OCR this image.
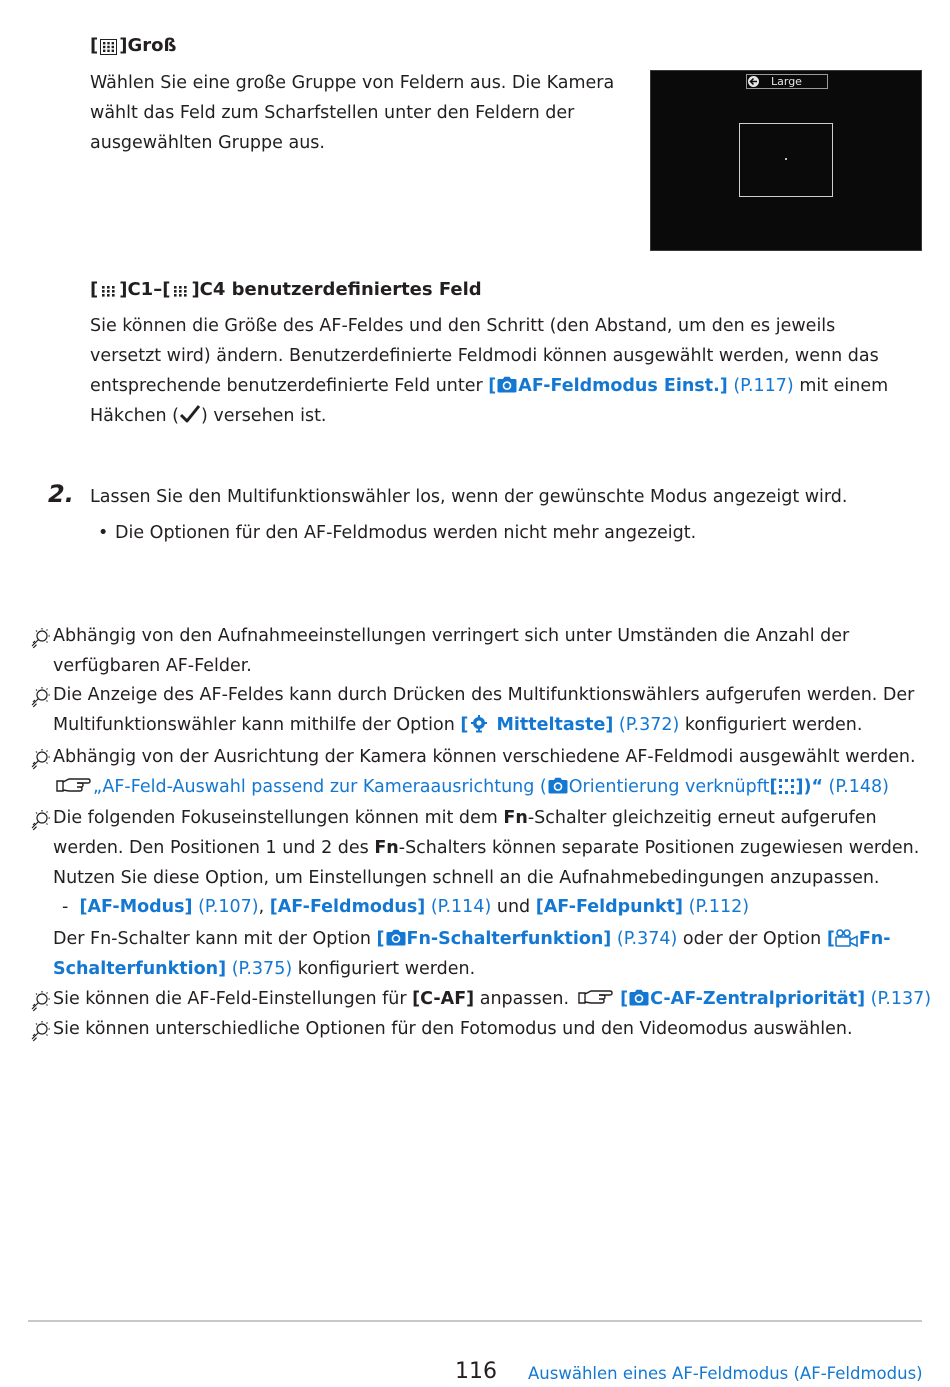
[ ] Groß
Wählen Sie eine große Gruppe von Feldern aus. Die Kamera wählt das Feld zum Scharfstellen unter den Feldern der ausgewählten Gruppe aus.
Large
[ ] C1– [ ] C4 benutzerdefiniertes Feld
Sie können die Größe des AF-Feldes und den Schritt (den Abstand, um den es jeweils versetzt wird) ändern. Benutzerdefinierte Feldmodi können ausgewählt werden, wenn das entsprechende benutzerdefinierte Feld unter [ AF-Feldmodus Einst.] (P.117) mit einem
Häkchen ( ) versehen ist.
2. Lassen Sie den Multifunktionswähler los, wenn der gewünschte Modus angezeigt wird.
• Die Optionen für den AF-Feldmodus werden nicht mehr angezeigt.
Abhängig von den Aufnahmeeinstellungen verringert sich unter Umständen die Anzahl der
verfügbaren AF-Felder.
Die Anzeige des AF-Feldes kann durch Drücken des Multifunktionswählers aufgerufen werden. Der
Multifunktionswähler kann mithilfe der Option [ Mitteltaste] (P.372) konfiguriert werden.
Abhängig von der Ausrichtung der Kamera können verschiedene AF-Feldmodi ausgewählt werden.
„AF-Feld-Auswahl passend zur Kameraausrichtung ( Orientierung verknüpft[ ])“ (P.148)
Die folgenden Fokuseinstellungen können mit dem Fn-Schalter gleichzeitig erneut aufgerufen
werden. Den Positionen 1 und 2 des Fn-Schalters können separate Positionen zugewiesen werden.
Nutzen Sie diese Option, um Einstellungen schnell an die Aufnahmebedingungen anzupassen.
- [AF-Modus] (P.107), [AF-Feldmodus] (P.114) und [AF-Feldpunkt] (P.112)
Der Fn-Schalter kann mit der Option [ Fn-Schalterfunktion] (P.374) oder der Option [ Fn-
Schalterfunktion] (P.375) konfiguriert werden.
Sie können die AF-Feld-Einstellungen für [C-AF] anpassen.	[ C-AF-Zentralpriorität] (P.137)
Sie können unterschiedliche Optionen für den Fotomodus und den Videomodus auswählen.
116 Auswählen eines AF-Feldmodus (AF-Feldmodus)
